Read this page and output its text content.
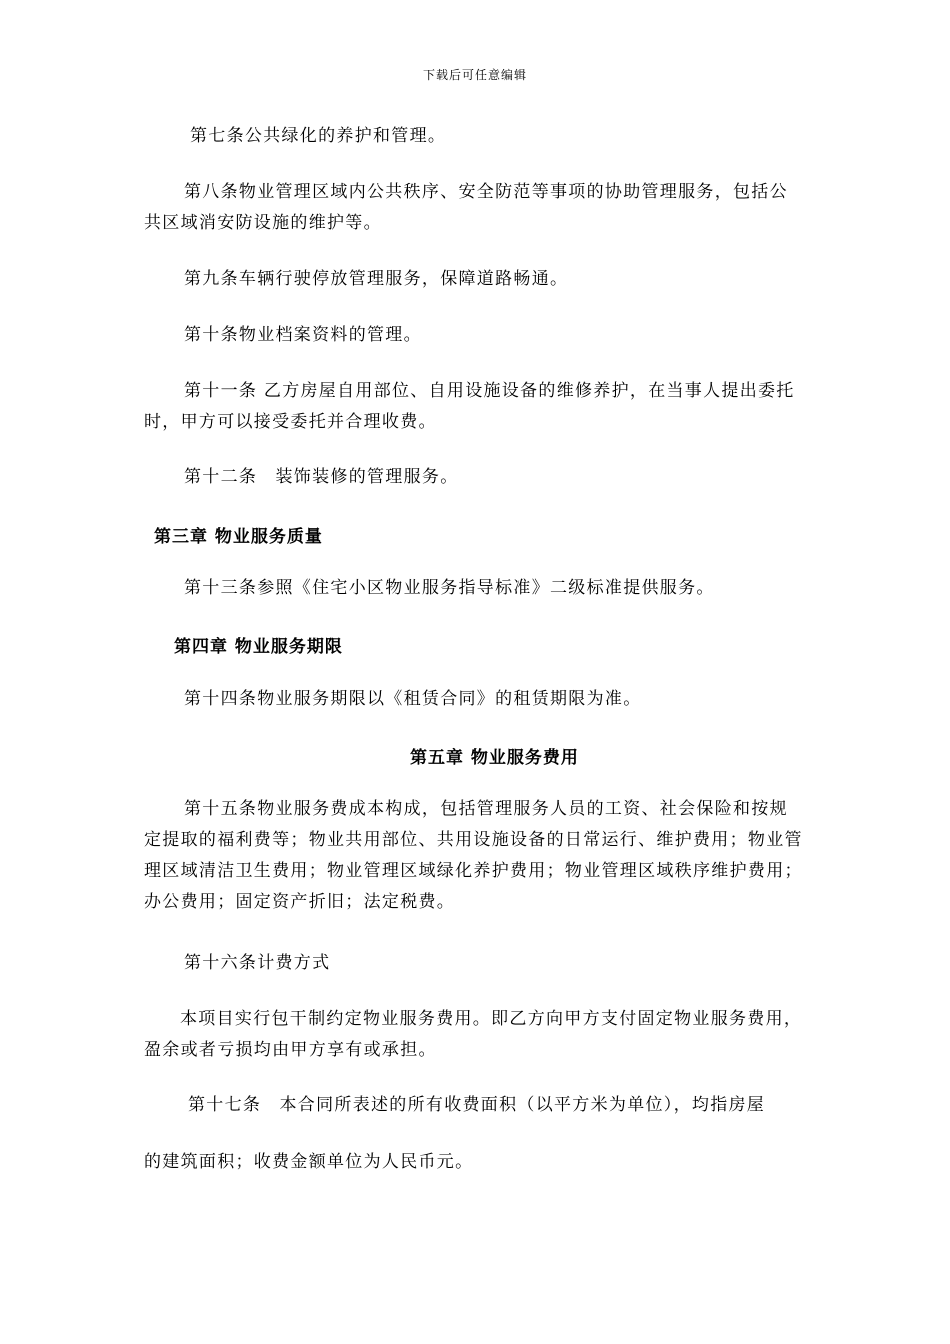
下载后可任意编辑

第七条公共绿化的养护和管理。

第八条物业管理区域内公共秩序、安全防范等事项的协助管理服务，包括公共区域消安防设施的维护等。

第九条车辆行驶停放管理服务，保障道路畅通。

第十条物业档案资料的管理。

第十一条 乙方房屋自用部位、自用设施设备的维修养护，在当事人提出委托时，甲方可以接受委托并合理收费。

第十二条　装饰装修的管理服务。

第三章 物业服务质量

第十三条参照《住宅小区物业服务指导标准》二级标准提供服务。

第四章 物业服务期限

第十四条物业服务期限以《租赁合同》的租赁期限为准。

第五章 物业服务费用

第十五条物业服务费成本构成，包括管理服务人员的工资、社会保险和按规定提取的福利费等；物业共用部位、共用设施设备的日常运行、维护费用；物业管理区域清洁卫生费用；物业管理区域绿化养护费用；物业管理区域秩序维护费用；办公费用；固定资产折旧；法定税费。

第十六条计费方式

本项目实行包干制约定物业服务费用。即乙方向甲方支付固定物业服务费用，盈余或者亏损均由甲方享有或承担。

第十七条　本合同所表述的所有收费面积（以平方米为单位），均指房屋

的建筑面积；收费金额单位为人民币元。
